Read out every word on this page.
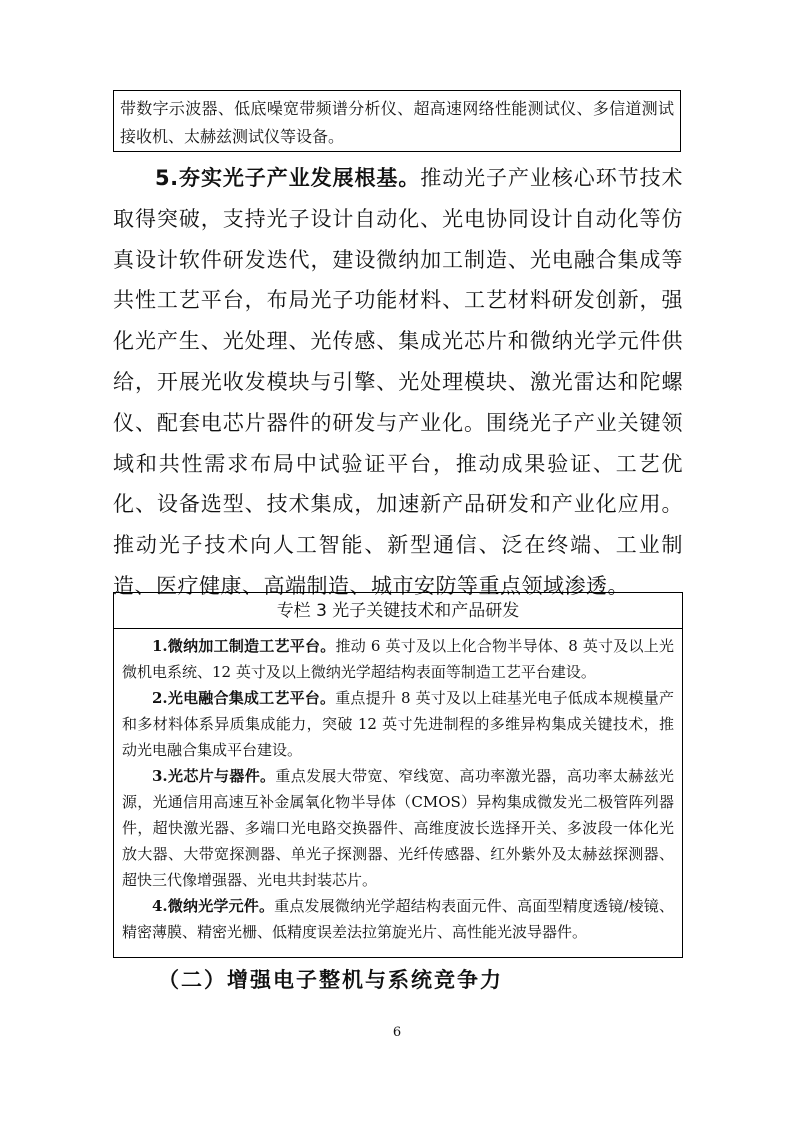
带数字示波器、低底噪宽带频谱分析仪、超高速网络性能测试仪、多信道测试接收机、太赫兹测试仪等设备。
5.夯实光子产业发展根基。推动光子产业核心环节技术取得突破，支持光子设计自动化、光电协同设计自动化等仿真设计软件研发迭代，建设微纳加工制造、光电融合集成等共性工艺平台，布局光子功能材料、工艺材料研发创新，强化光产生、光处理、光传感、集成光芯片和微纳光学元件供给，开展光收发模块与引擎、光处理模块、激光雷达和陀螺仪、配套电芯片器件的研发与产业化。围绕光子产业关键领域和共性需求布局中试验证平台，推动成果验证、工艺优化、设备选型、技术集成，加速新产品研发和产业化应用。推动光子技术向人工智能、新型通信、泛在终端、工业制造、医疗健康、高端制造、城市安防等重点领域渗透。
专栏 3 光子关键技术和产品研发

1.微纳加工制造工艺平台。推动 6 英寸及以上化合物半导体、8 英寸及以上光微机电系统、12 英寸及以上微纳光学超结构表面等制造工艺平台建设。

2.光电融合集成工艺平台。重点提升 8 英寸及以上硅基光电子低成本规模量产和多材料体系异质集成能力，突破 12 英寸先进制程的多维异构集成关键技术，推动光电融合集成平台建设。

3.光芯片与器件。重点发展大带宽、窄线宽、高功率激光器，高功率太赫兹光源，光通信用高速互补金属氧化物半导体（CMOS）异构集成微发光二极管阵列器件，超快激光器、多端口光电路交换器件、高维度波长选择开关、多波段一体化光放大器、大带宽探测器、单光子探测器、光纤传感器、红外紫外及太赫兹探测器、超快三代像增强器、光电共封装芯片。

4.微纳光学元件。重点发展微纳光学超结构表面元件、高面型精度透镜/棱镜、精密薄膜、精密光栅、低精度误差法拉第旋光片、高性能光波导器件。

（二）增强电子整机与系统竞争力
6
